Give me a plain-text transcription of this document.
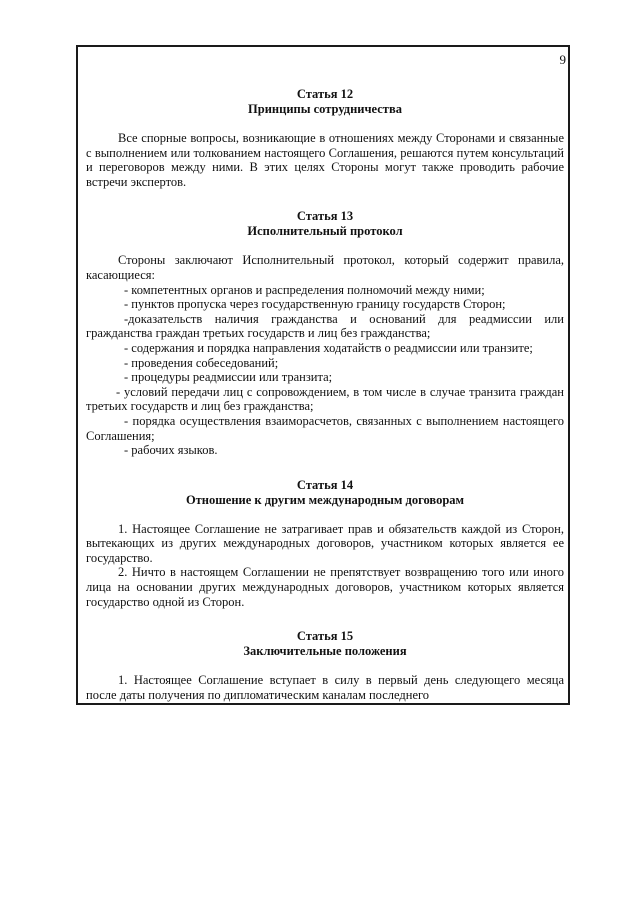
9
Статья 12
Принципы сотрудничества

Все спорные вопросы, возникающие в отношениях между Сторонами и связанные с выполнением или толкованием настоящего Соглашения, решаются путем консультаций и переговоров между ними. В этих целях Стороны могут также проводить рабочие встречи экспертов.

Статья 13
Исполнительный протокол

Стороны заключают Исполнительный протокол, который содержит правила, касающиеся:

- компетентных органов и распределения полномочий между ними;
- пунктов пропуска через государственную границу государств Сторон;
-доказательств наличия гражданства и оснований для реадмиссии или гражданства граждан третьих государств и лиц без гражданства;
- содержания и порядка направления ходатайств о реадмиссии или транзите;
- проведения собеседований;
- процедуры реадмиссии или транзита;
- условий передачи лиц с сопровождением, в том числе в случае транзита граждан третьих государств и лиц без гражданства;
- порядка осуществления взаиморасчетов, связанных с выполнением настоящего Соглашения;
- рабочих языков.
Статья 14
Отношение к другим международным договорам

1. Настоящее Соглашение не затрагивает прав и обязательств каждой из Сторон, вытекающих из других международных договоров, участником которых является ее государство.

2. Ничто в настоящем Соглашении не препятствует возвращению того или иного лица на основании других международных договоров, участником которых является государство одной из Сторон.

Статья 15
Заключительные положения

1. Настоящее Соглашение вступает в силу в первый день следующего месяца после даты получения по дипломатическим каналам последнего
